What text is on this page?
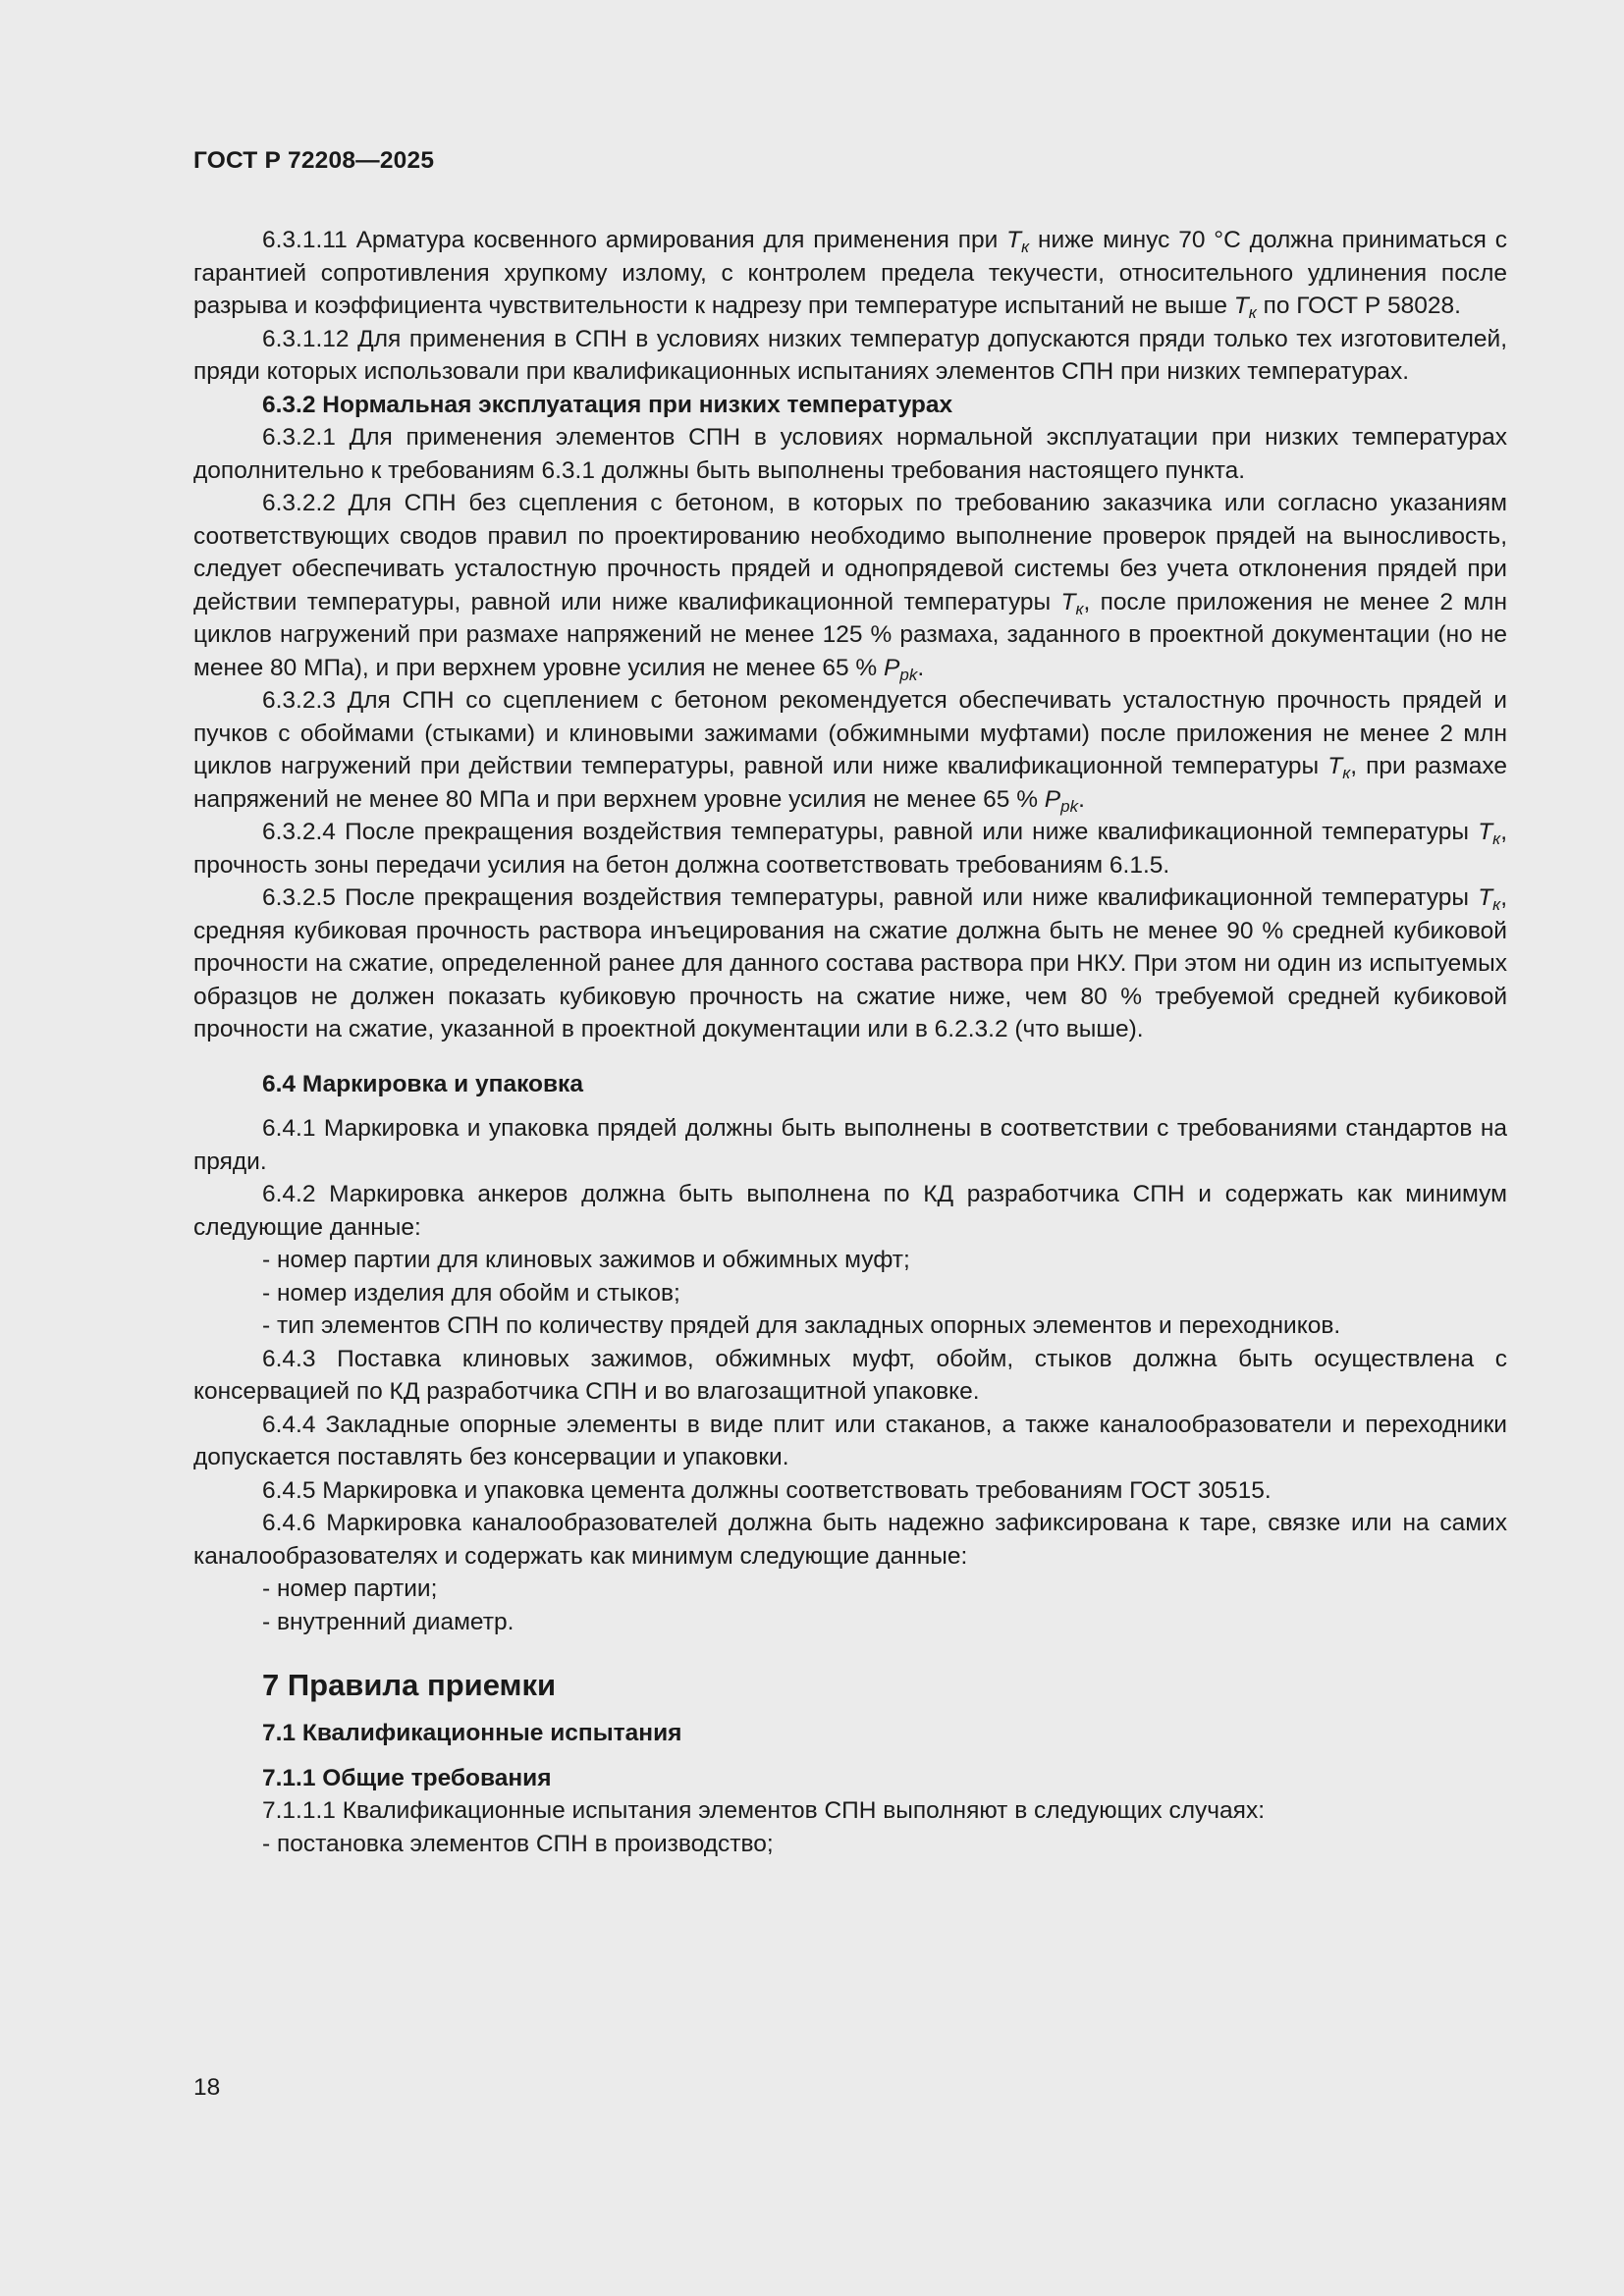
ГОСТ Р 72208—2025

6.3.1.11 Арматура косвенного армирования для применения при $T_к$ ниже минус 70 °С должна приниматься с гарантией сопротивления хрупкому излому, с контролем предела текучести, относительного удлинения после разрыва и коэффициента чувствительности к надрезу при температуре испытаний не выше $T_к$ по ГОСТ Р 58028.

6.3.1.12 Для применения в СПН в условиях низких температур допускаются пряди только тех изготовителей, пряди которых использовали при квалификационных испытаниях элементов СПН при низких температурах.

6.3.2 Нормальная эксплуатация при низких температурах

6.3.2.1 Для применения элементов СПН в условиях нормальной эксплуатации при низких температурах дополнительно к требованиям 6.3.1 должны быть выполнены требования настоящего пункта.

6.3.2.2 Для СПН без сцепления с бетоном, в которых по требованию заказчика или согласно указаниям соответствующих сводов правил по проектированию необходимо выполнение проверок прядей на выносливость, следует обеспечивать усталостную прочность прядей и однопрядевой системы без учета отклонения прядей при действии температуры, равной или ниже квалификационной температуры $T_к$, после приложения не менее 2 млн циклов нагружений при размахе напряжений не менее 125 % размаха, заданного в проектной документации (но не менее 80 МПа), и при верхнем уровне усилия не менее 65 % $P_{pk}$.

6.3.2.3 Для СПН со сцеплением с бетоном рекомендуется обеспечивать усталостную прочность прядей и пучков с обоймами (стыками) и клиновыми зажимами (обжимными муфтами) после приложения не менее 2 млн циклов нагружений при действии температуры, равной или ниже квалификационной температуры $T_к$, при размахе напряжений не менее 80 МПа и при верхнем уровне усилия не менее 65 % $P_{pk}$.

6.3.2.4 После прекращения воздействия температуры, равной или ниже квалификационной температуры $T_к$, прочность зоны передачи усилия на бетон должна соответствовать требованиям 6.1.5.

6.3.2.5 После прекращения воздействия температуры, равной или ниже квалификационной температуры $T_к$, средняя кубиковая прочность раствора инъецирования на сжатие должна быть не менее 90 % средней кубиковой прочности на сжатие, определенной ранее для данного состава раствора при НКУ. При этом ни один из испытуемых образцов не должен показать кубиковую прочность на сжатие ниже, чем 80 % требуемой средней кубиковой прочности на сжатие, указанной в проектной документации или в 6.2.3.2 (что выше).

6.4 Маркировка и упаковка

6.4.1 Маркировка и упаковка прядей должны быть выполнены в соответствии с требованиями стандартов на пряди.

6.4.2 Маркировка анкеров должна быть выполнена по КД разработчика СПН и содержать как минимум следующие данные:

- номер партии для клиновых зажимов и обжимных муфт;

- номер изделия для обойм и стыков;

- тип элементов СПН по количеству прядей для закладных опорных элементов и переходников.

6.4.3 Поставка клиновых зажимов, обжимных муфт, обойм, стыков должна быть осуществлена с консервацией по КД разработчика СПН и во влагозащитной упаковке.

6.4.4 Закладные опорные элементы в виде плит или стаканов, а также каналообразователи и переходники допускается поставлять без консервации и упаковки.

6.4.5 Маркировка и упаковка цемента должны соответствовать требованиям ГОСТ 30515.

6.4.6 Маркировка каналообразователей должна быть надежно зафиксирована к таре, связке или на самих каналообразователях и содержать как минимум следующие данные:

- номер партии;

- внутренний диаметр.

7 Правила приемки

7.1 Квалификационные испытания

7.1.1 Общие требования

7.1.1.1 Квалификационные испытания элементов СПН выполняют в следующих случаях:

- постановка элементов СПН в производство;

18
